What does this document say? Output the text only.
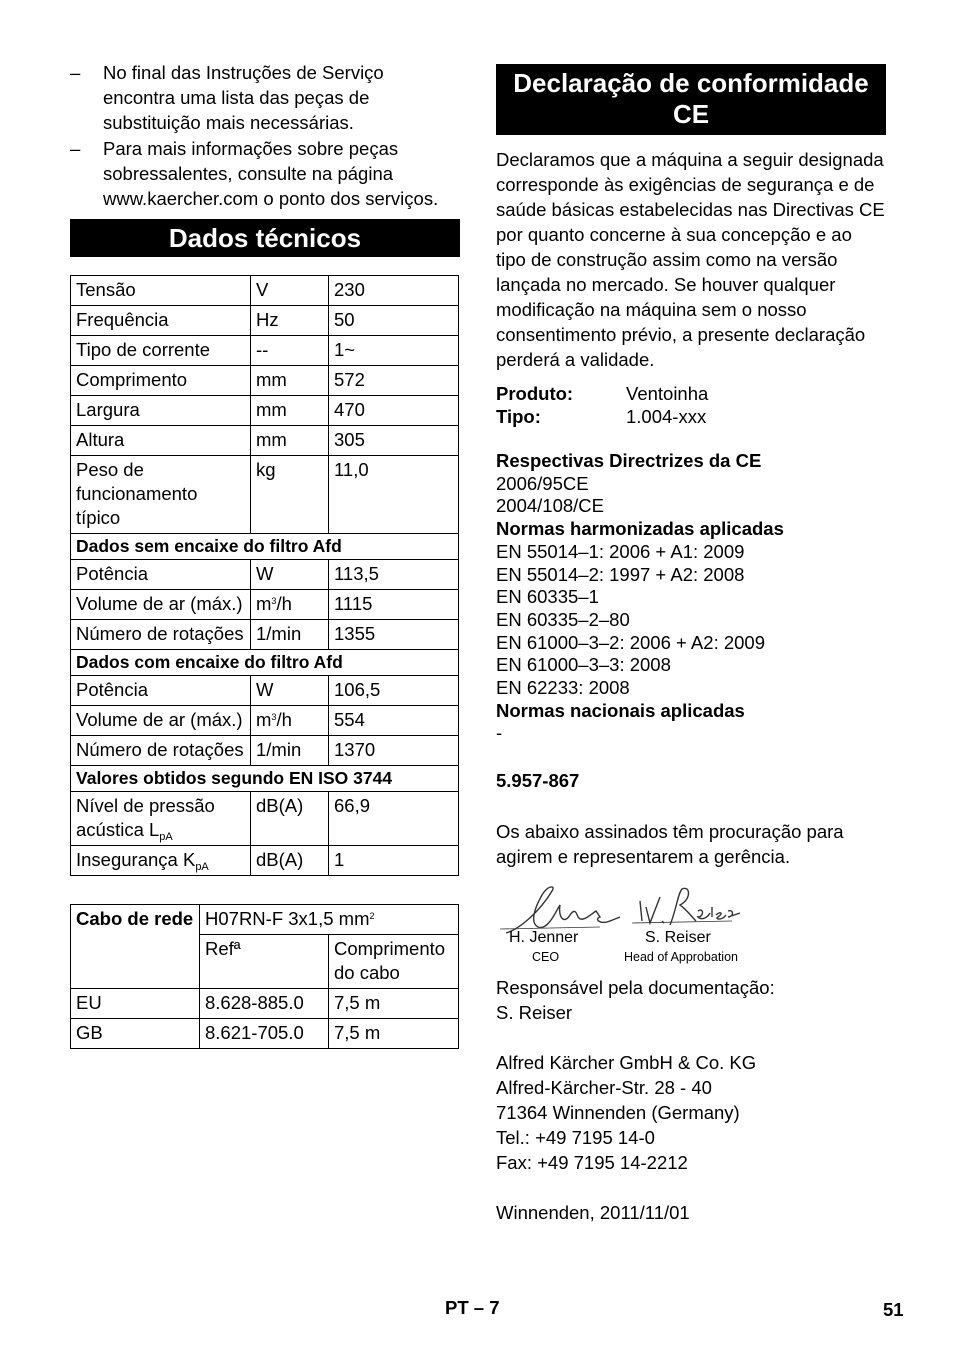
– No final das Instruções de Serviço encontra uma lista das peças de substituição mais necessárias.
– Para mais informações sobre peças sobressalentes, consulte na página www.kaercher.com o ponto dos serviços.
Dados técnicos
Tensão	V	230
Frequência	Hz	50
Tipo de corrente	--	1~
Comprimento	mm	572
Largura	mm	470
Altura	mm	305
Peso de funcionamento típico	kg	11,0
Dados sem encaixe do filtro Afd		
Potência	W	113,5
Volume de ar (máx.)	$m^3/h$	1115
Número de rotações	1/min	1355
Dados com encaixe do filtro Afd		
Potência	W	106,5
Volume de ar (máx.)	$m^3/h$	554
Número de rotações	1/min	1370
Valores obtidos segundo EN ISO 3744		
Nível de pressão acústica $L_{pA}$	dB(A)	66,9
Insegurança $K_{pA}$	dB(A)	1
Cabo de rede	H07RN-F 3x1,5 $mm^2$
	Refª	Comprimento do cabo
EU	8.628-885.0	7,5 m
GB	8.621-705.0	7,5 m
Declaração de conformidade CE

Declaramos que a máquina a seguir designada corresponde às exigências de segurança e de saúde básicas estabelecidas nas Directivas CE por quanto concerne à sua concepção e ao tipo de construção assim como na versão lançada no mercado. Se houver qualquer modificação na máquina sem o nosso consentimento prévio, a presente declaração perderá a validade.

Produto:	Ventoinha
Tipo:	1.004-xxx
Respectivas Directrizes da CE
2006/95CE
2004/108/CE
Normas harmonizadas aplicadas
EN 55014–1: 2006 + A1: 2009
EN 55014–2: 1997 + A2: 2008
EN 60335–1
EN 60335–2–80
EN 61000–3–2: 2006 + A2: 2009
EN 61000–3–3: 2008
EN 62233: 2008
Normas nacionais aplicadas
-
5.957-867

Os abaixo assinados têm procuração para agirem e representarem a gerência.

H. Jenner
CEO
S. Reiser
Head of Approbation

Responsável pela documentação:
S. Reiser

Alfred Kärcher GmbH & Co. KG
Alfred-Kärcher-Str. 28 - 40
71364 Winnenden (Germany)
Tel.: +49 7195 14-0
Fax: +49 7195 14-2212

Winnenden, 2011/11/01

PT – 7	51
